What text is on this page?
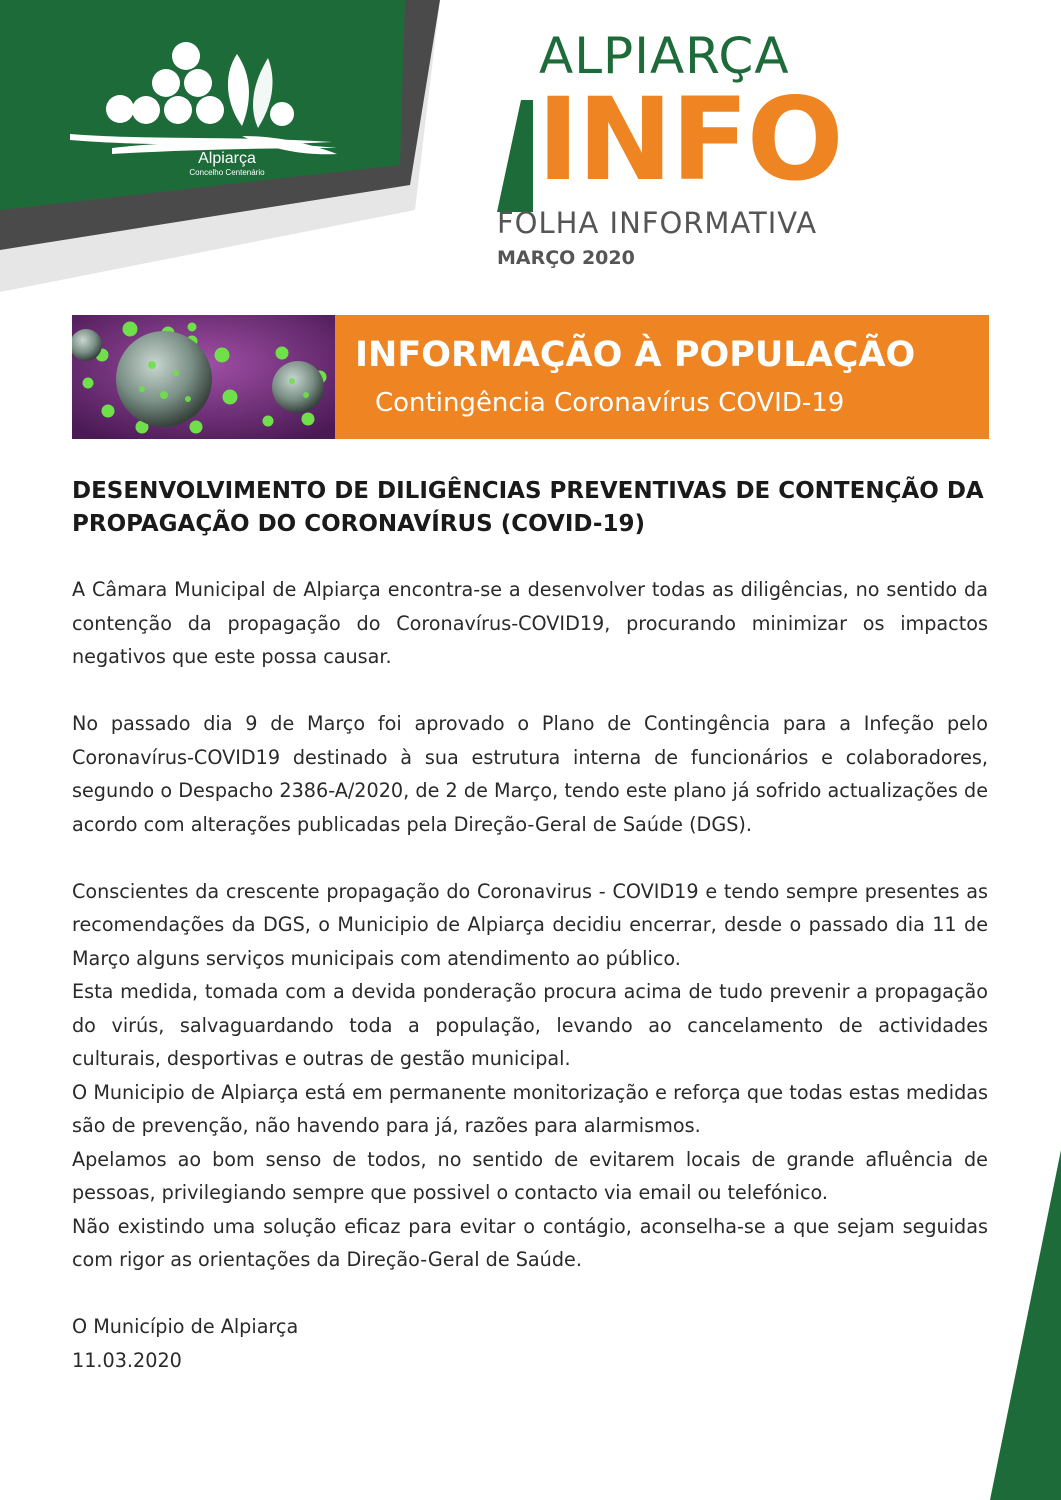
Alpiarça
Concelho Centenário
ALPIARÇA
INFO
FOLHA INFORMATIVA
MARÇO 2020
INFORMAÇÃO À POPULAÇÃO
Contingência Coronavírus COVID-19
DESENVOLVIMENTO DE DILIGÊNCIAS PREVENTIVAS DE CONTENÇÃO DA PROPAGAÇÃO DO CORONAVÍRUS (COVID-19)

A Câmara Municipal de Alpiarça encontra-se a desenvolver todas as diligências, no sentido da contenção da propagação do Coronavírus-COVID19, procurando minimizar os impactos negativos que este possa causar.

No passado dia 9 de Março foi aprovado o Plano de Contingência para a Infeção pelo Coronavírus-COVID19 destinado à sua estrutura interna de funcionários e colaboradores, segundo o Despacho 2386-A/2020, de 2 de Março, tendo este plano já sofrido actualizações de acordo com alterações publicadas pela Direção-Geral de Saúde (DGS).

Conscientes da crescente propagação do Coronavirus - COVID19 e tendo sempre presentes as recomendações da DGS, o Municipio de Alpiarça decidiu encerrar, desde o passado dia 11 de Março alguns serviços municipais com atendimento ao público.

Esta medida, tomada com a devida ponderação procura acima de tudo prevenir a propagação do virús, salvaguardando toda a população, levando ao cancelamento de actividades culturais, desportivas e outras de gestão municipal.

O Municipio de Alpiarça está em permanente monitorização e reforça que todas estas medidas são de prevenção, não havendo para já, razões para alarmismos.

Apelamos ao bom senso de todos, no sentido de evitarem locais de grande afluência de pessoas, privilegiando sempre que possivel o contacto via email ou telefónico.

Não existindo uma solução eficaz para evitar o contágio, aconselha-se a que sejam seguidas com rigor as orientações da Direção-Geral de Saúde.

O Município de Alpiarça

11.03.2020
